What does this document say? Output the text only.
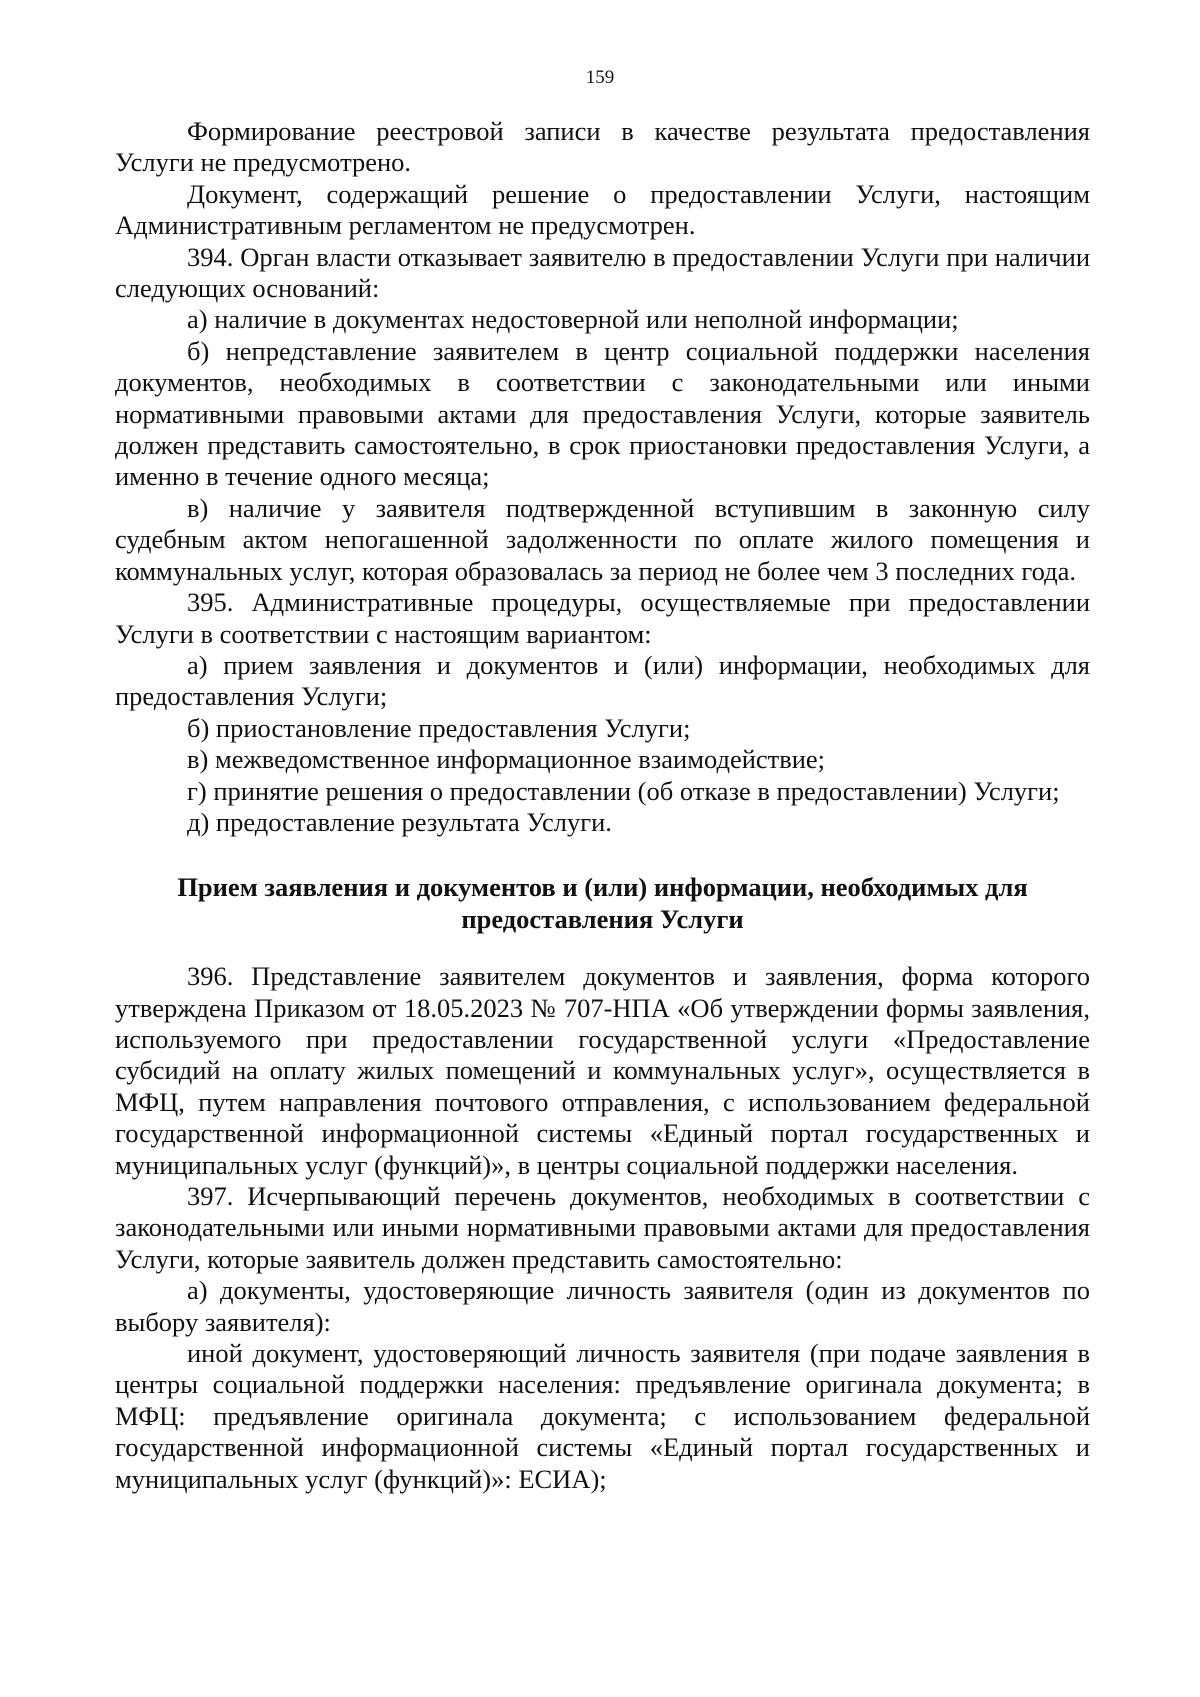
159

Формирование реестровой записи в качестве результата предоставления Услуги не предусмотрено.

Документ, содержащий решение о предоставлении Услуги, настоящим Административным регламентом не предусмотрен.

394. Орган власти отказывает заявителю в предоставлении Услуги при наличии следующих оснований:

а) наличие в документах недостоверной или неполной информации;

б) непредставление заявителем в центр социальной поддержки населения документов, необходимых в соответствии с законодательными или иными нормативными правовыми актами для предоставления Услуги, которые заявитель должен представить самостоятельно, в срок приостановки предоставления Услуги, а именно в течение одного месяца;

в) наличие у заявителя подтвержденной вступившим в законную силу судебным актом непогашенной задолженности по оплате жилого помещения и коммунальных услуг, которая образовалась за период не более чем 3 последних года.

395. Административные процедуры, осуществляемые при предоставлении Услуги в соответствии с настоящим вариантом:

а) прием заявления и документов и (или) информации, необходимых для предоставления Услуги;

б) приостановление предоставления Услуги;

в) межведомственное информационное взаимодействие;

г) принятие решения о предоставлении (об отказе в предоставлении) Услуги;

д) предоставление результата Услуги.

Прием заявления и документов и (или) информации, необходимых для
предоставления Услуги

396. Представление заявителем документов и заявления, форма которого утверждена Приказом от 18.05.2023 № 707-НПА «Об утверждении формы заявления, используемого при предоставлении государственной услуги «Предоставление субсидий на оплату жилых помещений и коммунальных услуг», осуществляется в МФЦ, путем направления почтового отправления, с использованием федеральной государственной информационной системы «Единый портал государственных и муниципальных услуг (функций)», в центры социальной поддержки населения.

397. Исчерпывающий перечень документов, необходимых в соответствии с законодательными или иными нормативными правовыми актами для предоставления Услуги, которые заявитель должен представить самостоятельно:

а) документы, удостоверяющие личность заявителя (один из документов по выбору заявителя):

иной документ, удостоверяющий личность заявителя (при подаче заявления в центры социальной поддержки населения: предъявление оригинала документа; в МФЦ: предъявление оригинала документа; с использованием федеральной государственной информационной системы «Единый портал государственных и муниципальных услуг (функций)»: ЕСИА);
